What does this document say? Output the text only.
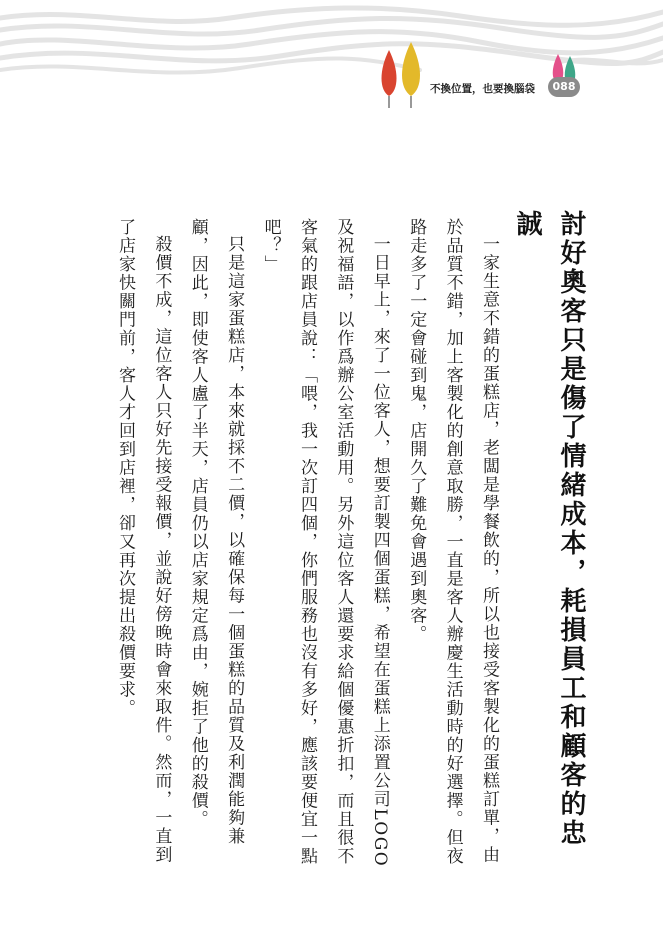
不換位置，也要換腦袋	088
討好奧客只是傷了情緒成本，耗損員工和顧客的忠誠

一家生意不錯的蛋糕店，老闆是學餐飲的，所以也接受客製化的蛋糕訂單，由於品質不錯，加上客製化的創意取勝，一直是客人辦慶生活動時的好選擇。但夜路走多了一定會碰到鬼，店開久了難免會遇到奧客。

一日早上，來了一位客人，想要訂製四個蛋糕，希望在蛋糕上添置公司LOGO及祝福語，以作爲辦公室活動用。另外這位客人還要求給個優惠折扣，而且很不客氣的跟店員說：「喂，我一次訂四個，你們服務也沒有多好，應該要便宜一點吧？」

只是這家蛋糕店，本來就採不二價，以確保每一個蛋糕的品質及利潤能夠兼顧，因此，即使客人盧了半天，店員仍以店家規定爲由，婉拒了他的殺價。

殺價不成，這位客人只好先接受報價，並說好傍晚時會來取件。然而，一直到了店家快關門前，客人才回到店裡，卻又再次提出殺價要求。
